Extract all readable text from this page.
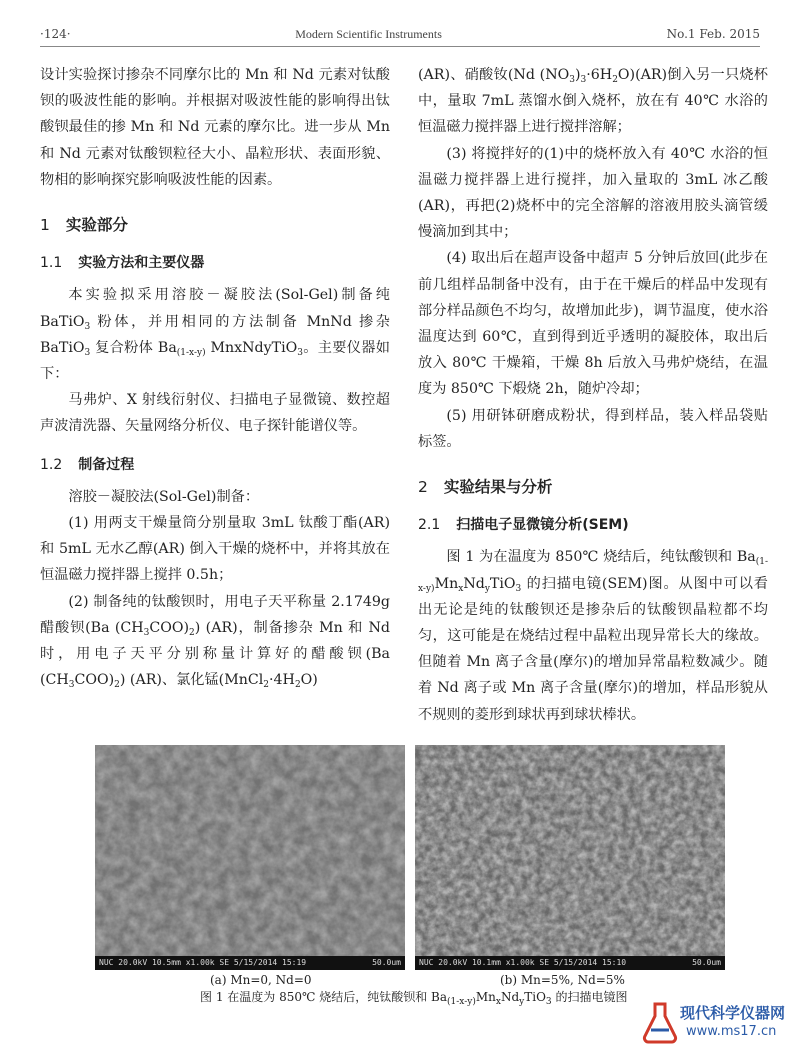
·124·	Modern Scientific Instruments	No.1 Feb. 2015

设计实验探讨掺杂不同摩尔比的 Mn 和 Nd 元素对钛酸钡的吸波性能的影响。并根据对吸波性能的影响得出钛酸钡最佳的掺 Mn 和 Nd 元素的摩尔比。进一步从 Mn 和 Nd 元素对钛酸钡粒径大小、晶粒形状、表面形貌、物相的影响探究影响吸波性能的因素。

1 实验部分
1.1 实验方法和主要仪器

本实验拟采用溶胶－凝胶法(Sol-Gel)制备纯 BaTiO$_3$ 粉体，并用相同的方法制备 MnNd 掺杂 BaTiO$_3$ 复合粉体 $Ba_{(1-x-y)}$ MnxNdyTiO$_3$。主要仪器如下：

马弗炉、X 射线衍射仪、扫描电子显微镜、数控超声波清洗器、矢量网络分析仪、电子探针能谱仪等。

1.2 制备过程

溶胶－凝胶法(Sol-Gel)制备：

(1) 用两支干燥量筒分别量取 3mL 钛酸丁酯(AR) 和 5mL 无水乙醇(AR) 倒入干燥的烧杯中，并将其放在恒温磁力搅拌器上搅拌 0.5h；

(2) 制备纯的钛酸钡时，用电子天平称量 2.1749g 醋酸钡(Ba $(CH_3COO)_2$) (AR)，制备掺杂 Mn 和 Nd 时，用电子天平分别称量计算好的醋酸钡(Ba $(CH_3COO)_2$) (AR)、氯化锰$(MnCl_2\cdot 4H_2O)$

(AR)、硝酸钕(Nd $(NO_3)_3\cdot 6H_2O)(AR)$倒入另一只烧杯中，量取 7mL 蒸馏水倒入烧杯，放在有 40℃ 水浴的恒温磁力搅拌器上进行搅拌溶解；

(3) 将搅拌好的(1)中的烧杯放入有 40℃ 水浴的恒温磁力搅拌器上进行搅拌，加入量取的 3mL 冰乙酸(AR)，再把(2)烧杯中的完全溶解的溶液用胶头滴管缓慢滴加到其中；

(4) 取出后在超声设备中超声 5 分钟后放回(此步在前几组样品制备中没有，由于在干燥后的样品中发现有部分样品颜色不均匀，故增加此步)，调节温度，使水浴温度达到 60℃，直到得到近乎透明的凝胶体，取出后放入 80℃ 干燥箱，干燥 8h 后放入马弗炉烧结，在温度为 850℃ 下煅烧 2h，随炉冷却；

(5) 用研钵研磨成粉状，得到样品，装入样品袋贴标签。

2 实验结果与分析
2.1 扫描电子显微镜分析(SEM)

图 1 为在温度为 850℃ 烧结后，纯钛酸钡和 $Ba_{(1-x-y)}Mn_xNd_yTiO_3$ 的扫描电镜(SEM)图。从图中可以看出无论是纯的钛酸钡还是掺杂后的钛酸钡晶粒都不均匀，这可能是在烧结过程中晶粒出现异常长大的缘故。但随着 Mn 离子含量(摩尔)的增加异常晶粒数减少。随着 Nd 离子或 Mn 离子含量(摩尔)的增加，样品形貌从不规则的菱形到球状再到球状棒状。

NUC 20.0kV 10.5mm x1.00k SE 5/15/2014 15:19	50.0um NUC 20.0kV 10.1mm x1.00k SE 5/15/2014 15:10	50.0um
(a) Mn=0, Nd=0	(b) Mn=5%, Nd=5%
图 1 在温度为 850℃ 烧结后，纯钛酸钡和 $Ba_{(1-x-y)}Mn_xNd_yTiO_3$ 的扫描电镜图
现代科学仪器网
www.ms17.cn
